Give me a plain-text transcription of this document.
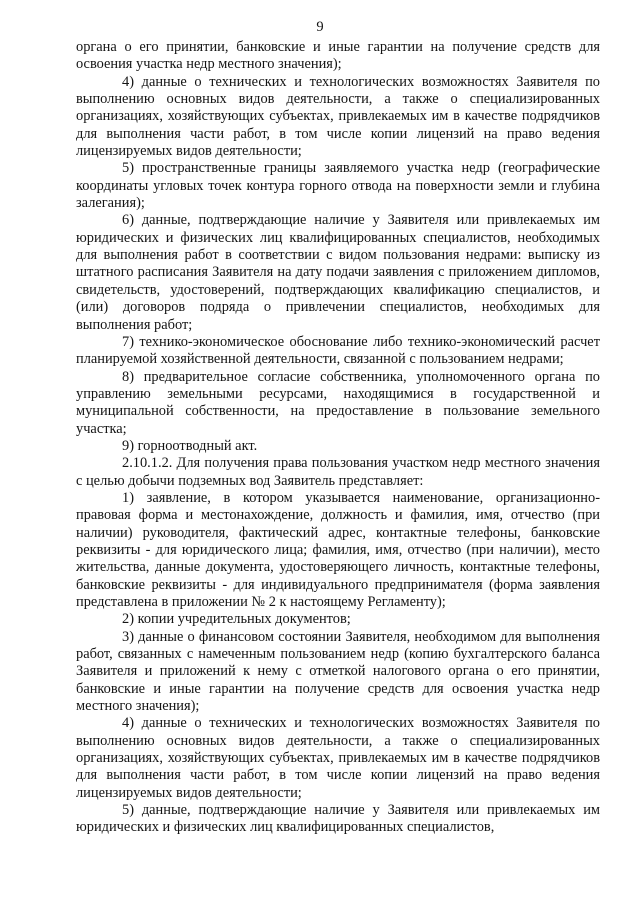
9

органа о его принятии, банковские и иные гарантии на получение средств для освоения участка недр местного значения);

4) данные о технических и технологических возможностях Заявителя по выполнению основных видов деятельности, а также о специализированных организациях, хозяйствующих субъектах, привлекаемых им в качестве подрядчиков для выполнения части работ, в том числе копии лицензий на право ведения лицензируемых видов деятельности;

5) пространственные границы заявляемого участка недр (географические координаты угловых точек контура горного отвода на поверхности земли и глубина залегания);

6) данные, подтверждающие наличие у Заявителя или привлекаемых им юридических и физических лиц квалифицированных специалистов, необходимых для выполнения работ в соответствии с видом пользования недрами: выписку из штатного расписания Заявителя на дату подачи заявления с приложением дипломов, свидетельств, удостоверений, подтверждающих квалификацию специалистов, и (или) договоров подряда о привлечении специалистов, необходимых для выполнения работ;

7) технико-экономическое обоснование либо технико-экономический расчет планируемой хозяйственной деятельности, связанной с пользованием недрами;

8) предварительное согласие собственника, уполномоченного органа по управлению земельными ресурсами, находящимися в государственной и муниципальной собственности, на предоставление в пользование земельного участка;

9) горноотводный акт.

2.10.1.2. Для получения права пользования участком недр местного значения с целью добычи подземных вод Заявитель представляет:

1) заявление, в котором указывается наименование, организационно-правовая форма и местонахождение, должность и фамилия, имя, отчество (при наличии) руководителя, фактический адрес, контактные телефоны, банковские реквизиты - для юридического лица; фамилия, имя, отчество (при наличии), место жительства, данные документа, удостоверяющего личность, контактные телефоны, банковские реквизиты - для индивидуального предпринимателя (форма заявления представлена в приложении № 2 к настоящему Регламенту);

2) копии учредительных документов;

3) данные о финансовом состоянии Заявителя, необходимом для выполнения работ, связанных с намеченным пользованием недр (копию бухгалтерского баланса Заявителя и приложений к нему с отметкой налогового органа о его принятии, банковские и иные гарантии на получение средств для освоения участка недр местного значения);

4) данные о технических и технологических возможностях Заявителя по выполнению основных видов деятельности, а также о специализированных организациях, хозяйствующих субъектах, привлекаемых им в качестве подрядчиков для выполнения части работ, в том числе копии лицензий на право ведения лицензируемых видов деятельности;

5) данные, подтверждающие наличие у Заявителя или привлекаемых им юридических и физических лиц квалифицированных специалистов,
